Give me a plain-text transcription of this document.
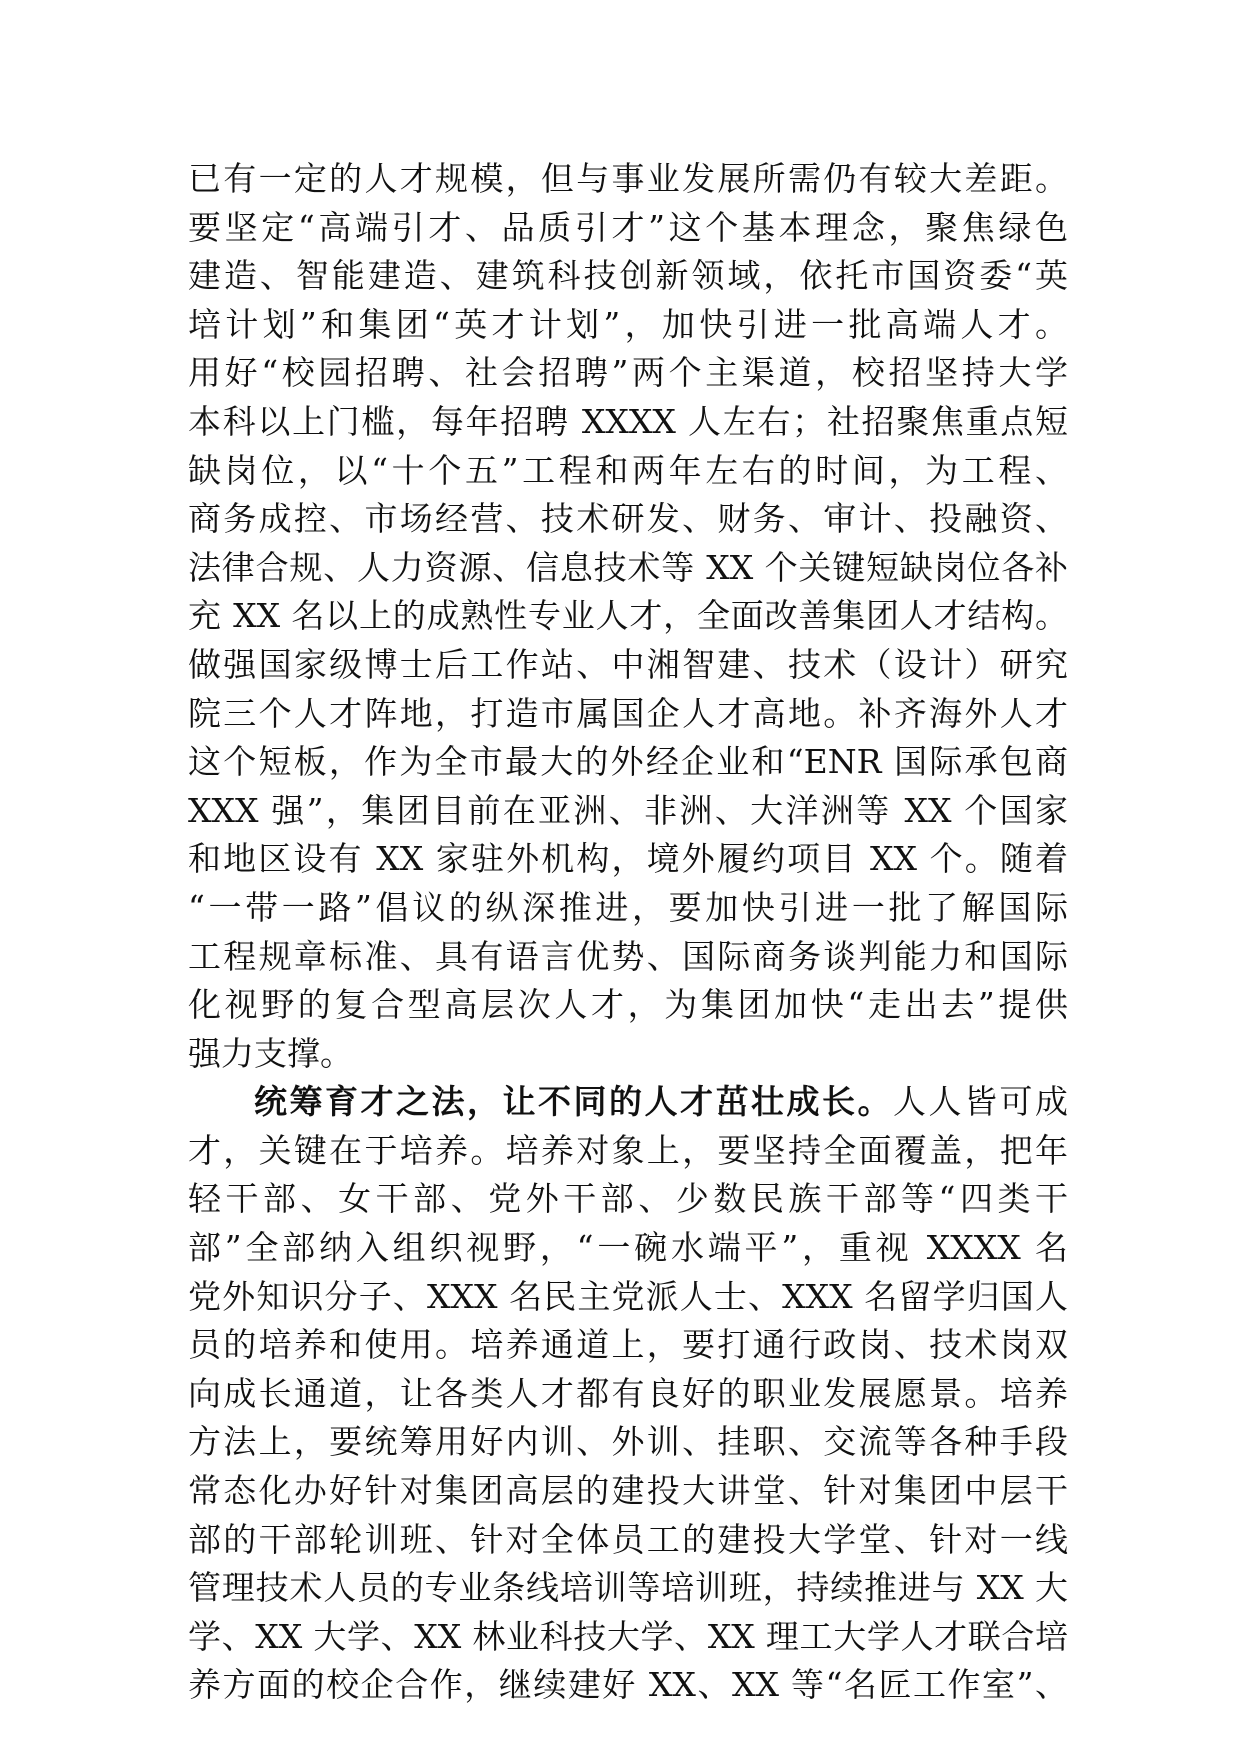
已有一定的人才规模，但与事业发展所需仍有较大差距。
要坚定“高端引才、品质引才”这个基本理念，聚焦绿色
建造、智能建造、建筑科技创新领域，依托市国资委“英
培计划”和集团“英才计划”，加快引进一批高端人才。
用好“校园招聘、社会招聘”两个主渠道，校招坚持大学
本科以上门槛，每年招聘 XXXX 人左右；社招聚焦重点短
缺岗位，以“十个五”工程和两年左右的时间，为工程、
商务成控、市场经营、技术研发、财务、审计、投融资、
法律合规、人力资源、信息技术等 XX 个关键短缺岗位各补
充 XX 名以上的成熟性专业人才，全面改善集团人才结构。
做强国家级博士后工作站、中湘智建、技术（设计）研究
院三个人才阵地，打造市属国企人才高地。补齐海外人才
这个短板，作为全市最大的外经企业和“ENR 国际承包商
XXX 强”，集团目前在亚洲、非洲、大洋洲等 XX 个国家
和地区设有 XX 家驻外机构，境外履约项目 XX 个。随着
“一带一路”倡议的纵深推进，要加快引进一批了解国际
工程规章标准、具有语言优势、国际商务谈判能力和国际
化视野的复合型高层次人才，为集团加快“走出去”提供
强力支撑。
统筹育才之法，让不同的人才茁壮成长。人人皆可成
才，关键在于培养。培养对象上，要坚持全面覆盖，把年
轻干部、女干部、党外干部、少数民族干部等“四类干
部”全部纳入组织视野，“一碗水端平”，重视 XXXX 名
党外知识分子、XXX 名民主党派人士、XXX 名留学归国人
员的培养和使用。培养通道上，要打通行政岗、技术岗双
向成长通道，让各类人才都有良好的职业发展愿景。培养
方法上，要统筹用好内训、外训、挂职、交流等各种手段
常态化办好针对集团高层的建投大讲堂、针对集团中层干
部的干部轮训班、针对全体员工的建投大学堂、针对一线
管理技术人员的专业条线培训等培训班，持续推进与 XX 大
学、XX 大学、XX 林业科技大学、XX 理工大学人才联合培
养方面的校企合作，继续建好 XX、XX 等“名匠工作室”、
